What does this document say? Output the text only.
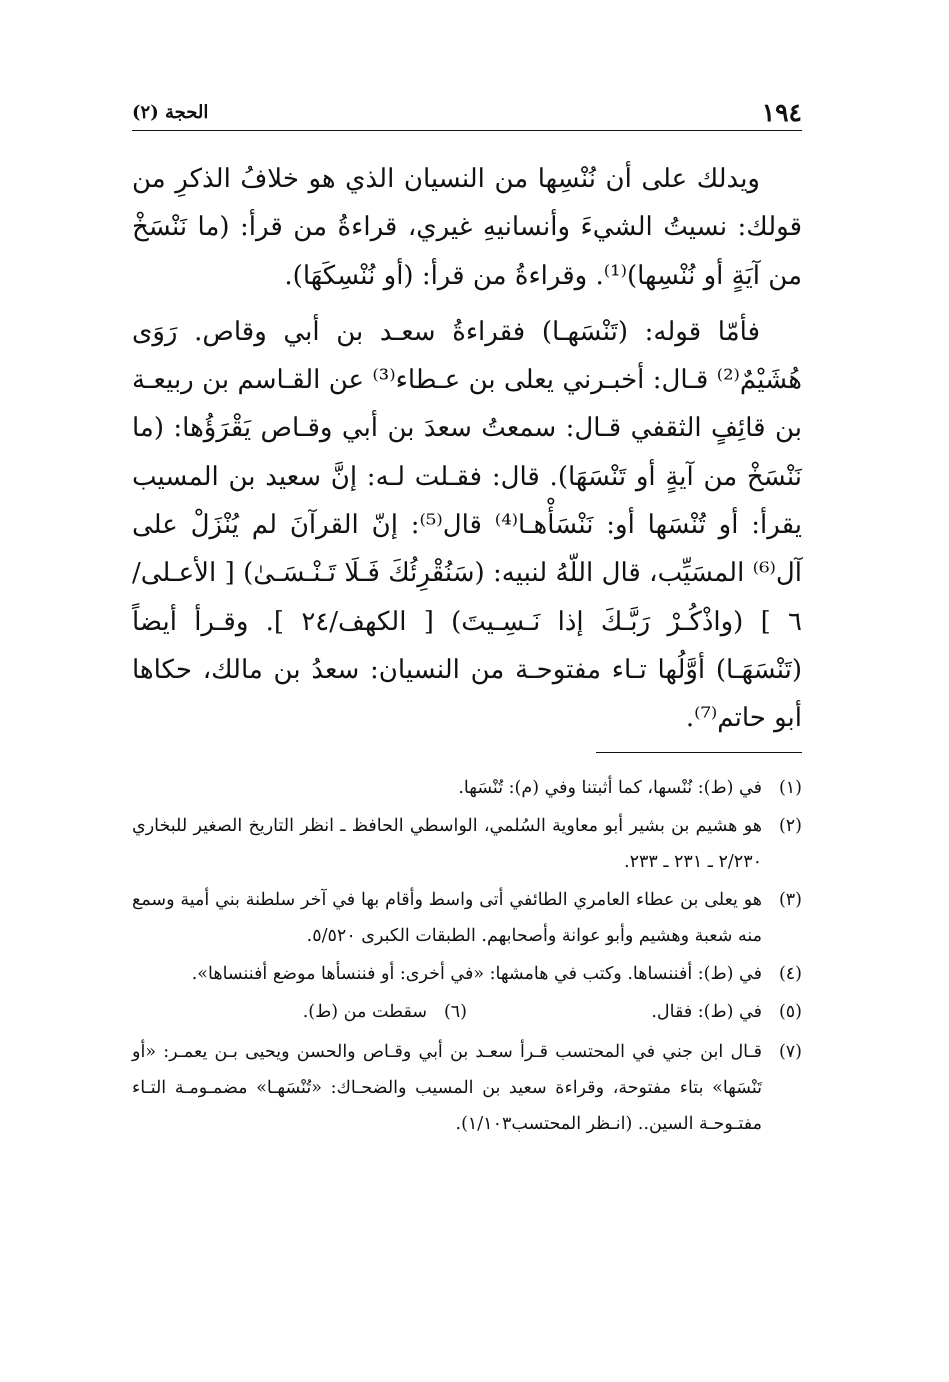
١٩٤
الحجة (٢)

ويدلك على أن نُنْسِها من النسيان الذي هو خلافُ الذكرِ من قولك: نسيتُ الشيءَ وأنسانيهِ غيري، قراءةُ من قرأ: (ما نَنْسَخْ من آيَةٍ أو نُنْسِها)⁽¹⁾. وقراءةُ من قرأ: (أو نُنْسِكَهَا).

فأمّا قوله: (تَنْسَهـا) فقراءةُ سعـد بن أبي وقاص. رَوَى هُشَيْمٌ⁽²⁾ قـال: أخبـرني يعلى بن عـطاء⁽³⁾ عن القـاسم بن ربيعـة بن قائِفٍ الثقفي قـال: سمعتُ سعدَ بن أبي وقـاص يَقْرَؤُها: (ما نَنْسَخْ من آيةٍ أو تَنْسَهَا). قال: فقـلت لـه: إنَّ سعيد بن المسيب يقرأ: أو تُنْسَها أو: نَنْسَأْهـا⁽⁴⁾ قال⁽⁵⁾: إنّ القرآنَ لم يُنْزَلْ على آل⁽⁶⁾ المسَيِّب، قال اللّهُ لنبيه: (سَنُقْرِئُكَ فَـلَا تَـنْـسَـىٰ) [ الأعـلى/٦ ] (واذْكُـرْ رَبَّـكَ إذا نَـسِـيتَ) [ الكهف/٢٤ ]. وقـرأ أيضاً (تَنْسَهَـا) أوَّلُها تـاء مفتوحـة من النسيان: سعدُ بن مالك، حكاها أبو حاتم⁽⁷⁾.

(١)
في (ط): نُنْسها، كما أثبتنا وفي (م): تُنْسَها.
(٢)
هو هشيم بن بشير أبو معاوية السُلمي، الواسطي الحافظ ـ انظر التاريخ الصغير للبخاري ٢/٢٣٠ ـ ٢٣١ ـ ٢٣٣.
(٣)
هو يعلى بن عطاء العامري الطائفي أتى واسط وأقام بها في آخر سلطنة بني أمية وسمع منه شعبة وهشيم وأبو عوانة وأصحابهم. الطبقات الكبرى ٥/٥٢٠.
(٤)
في (ط): أفننساها. وكتب في هامشها: «في أخرى: أو فننسأها موضع أفننساها».
(٥)
في (ط): فقال.
(٦)
سقطت من (ط).
(٧)
قـال ابن جني في المحتسب قـرأ سعـد بن أبي وقـاص والحسن ويحيى بـن يعمـر: «أو تَنْسَها» بتاء مفتوحة، وقراءة سعيد بن المسيب والضحـاك: «تُنْسَهـا» مضمـومـة التـاء مفتـوحـة السين.. (انـظر المحتسب١/١٠٣).
